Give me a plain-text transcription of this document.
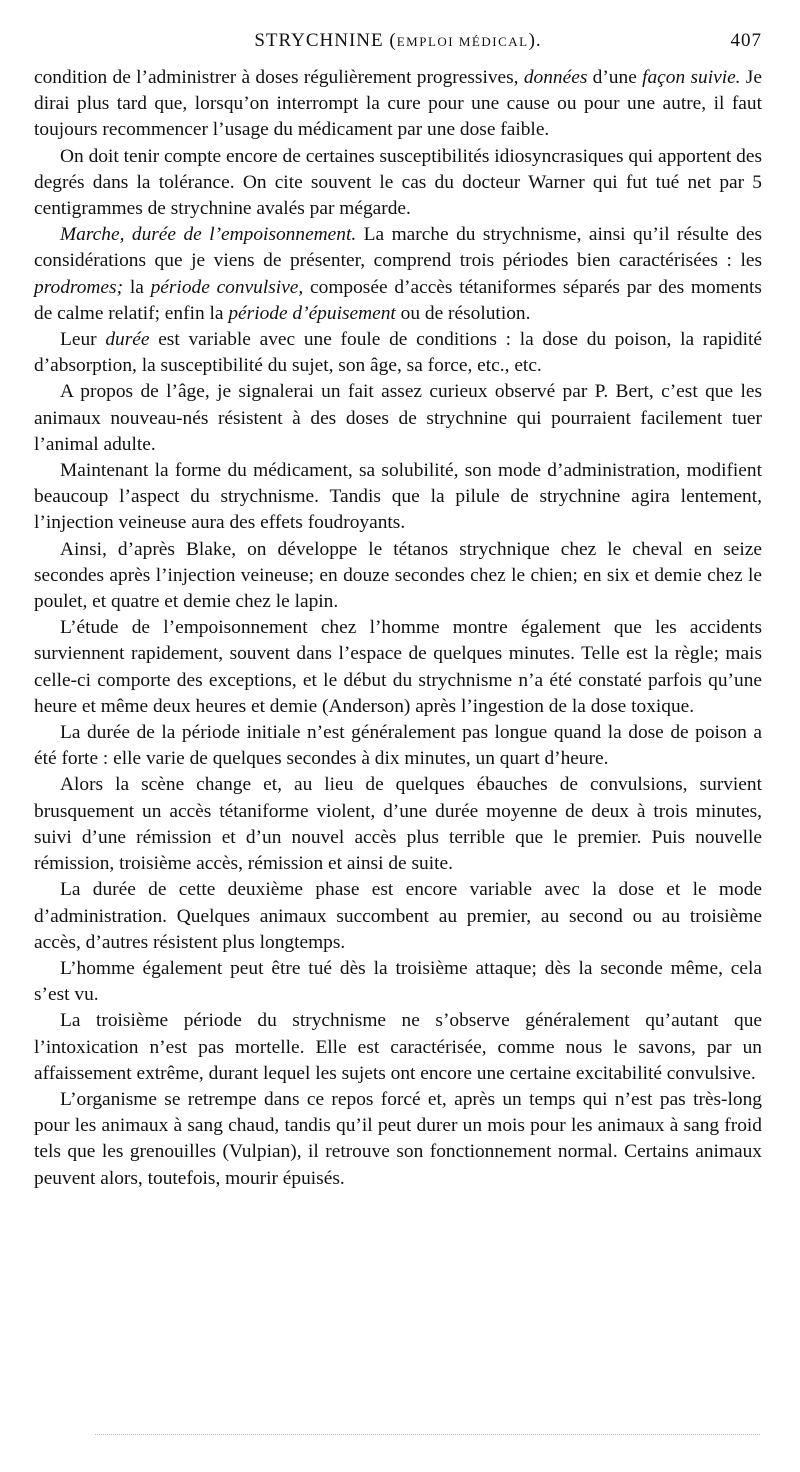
STRYCHNINE (EMPLOI MÉDICAL).	407

condition de l’administrer à doses régulièrement progressives, données d’une façon suivie. Je dirai plus tard que, lorsqu’on interrompt la cure pour une cause ou pour une autre, il faut toujours recommencer l’usage du médicament par une dose faible.

On doit tenir compte encore de certaines susceptibilités idiosyncrasiques qui apportent des degrés dans la tolérance. On cite souvent le cas du docteur Warner qui fut tué net par 5 centigrammes de strychnine avalés par mégarde.

Marche, durée de l’empoisonnement. La marche du strychnisme, ainsi qu’il résulte des considérations que je viens de présenter, comprend trois périodes bien caractérisées : les prodromes; la période convulsive, composée d’accès tétaniformes séparés par des moments de calme relatif; enfin la période d’épuisement ou de résolution.

Leur durée est variable avec une foule de conditions : la dose du poison, la rapidité d’absorption, la susceptibilité du sujet, son âge, sa force, etc., etc.

A propos de l’âge, je signalerai un fait assez curieux observé par P. Bert, c’est que les animaux nouveau-nés résistent à des doses de strychnine qui pourraient facilement tuer l’animal adulte.

Maintenant la forme du médicament, sa solubilité, son mode d’administration, modifient beaucoup l’aspect du strychnisme. Tandis que la pilule de strychnine agira lentement, l’injection veineuse aura des effets foudroyants.

Ainsi, d’après Blake, on développe le tétanos strychnique chez le cheval en seize secondes après l’injection veineuse; en douze secondes chez le chien; en six et demie chez le poulet, et quatre et demie chez le lapin.

L’étude de l’empoisonnement chez l’homme montre également que les accidents surviennent rapidement, souvent dans l’espace de quelques minutes. Telle est la règle; mais celle-ci comporte des exceptions, et le début du strychnisme n’a été constaté parfois qu’une heure et même deux heures et demie (Anderson) après l’ingestion de la dose toxique.

La durée de la période initiale n’est généralement pas longue quand la dose de poison a été forte : elle varie de quelques secondes à dix minutes, un quart d’heure.

Alors la scène change et, au lieu de quelques ébauches de convulsions, survient brusquement un accès tétaniforme violent, d’une durée moyenne de deux à trois minutes, suivi d’une rémission et d’un nouvel accès plus terrible que le premier. Puis nouvelle rémission, troisième accès, rémission et ainsi de suite.

La durée de cette deuxième phase est encore variable avec la dose et le mode d’administration. Quelques animaux succombent au premier, au second ou au troisième accès, d’autres résistent plus longtemps.

L’homme également peut être tué dès la troisième attaque; dès la seconde même, cela s’est vu.

La troisième période du strychnisme ne s’observe généralement qu’autant que l’intoxication n’est pas mortelle. Elle est caractérisée, comme nous le savons, par un affaissement extrême, durant lequel les sujets ont encore une certaine excitabilité convulsive.

L’organisme se retrempe dans ce repos forcé et, après un temps qui n’est pas très-long pour les animaux à sang chaud, tandis qu’il peut durer un mois pour les animaux à sang froid tels que les grenouilles (Vulpian), il retrouve son fonctionnement normal. Certains animaux peuvent alors, toutefois, mourir épuisés.
